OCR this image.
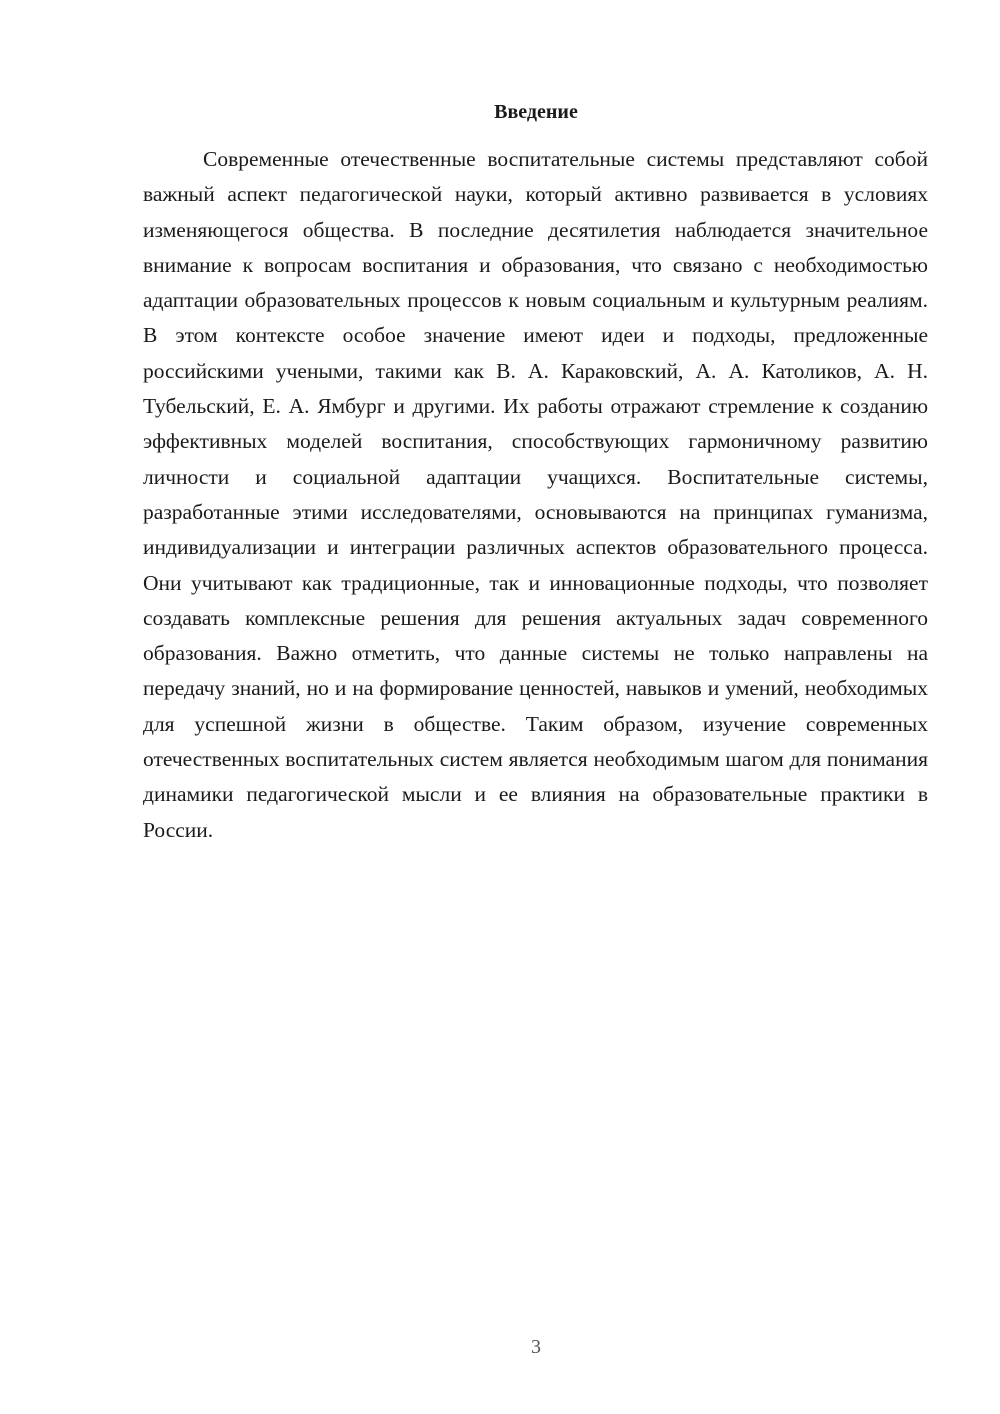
Введение

Современные отечественные воспитательные системы представляют собой важный аспект педагогической науки, который активно развивается в условиях изменяющегося общества. В последние десятилетия наблюдается значительное внимание к вопросам воспитания и образования, что связано с необходимостью адаптации образовательных процессов к новым социальным и культурным реалиям. В этом контексте особое значение имеют идеи и подходы, предложенные российскими учеными, такими как В. А. Караковский, А. А. Католиков, А. Н. Тубельский, Е. А. Ямбург и другими. Их работы отражают стремление к созданию эффективных моделей воспитания, способствующих гармоничному развитию личности и социальной адаптации учащихся. Воспитательные системы, разработанные этими исследователями, основываются на принципах гуманизма, индивидуализации и интеграции различных аспектов образовательного процесса. Они учитывают как традиционные, так и инновационные подходы, что позволяет создавать комплексные решения для решения актуальных задач современного образования. Важно отметить, что данные системы не только направлены на передачу знаний, но и на формирование ценностей, навыков и умений, необходимых для успешной жизни в обществе. Таким образом, изучение современных отечественных воспитательных систем является необходимым шагом для понимания динамики педагогической мысли и ее влияния на образовательные практики в России.

3
